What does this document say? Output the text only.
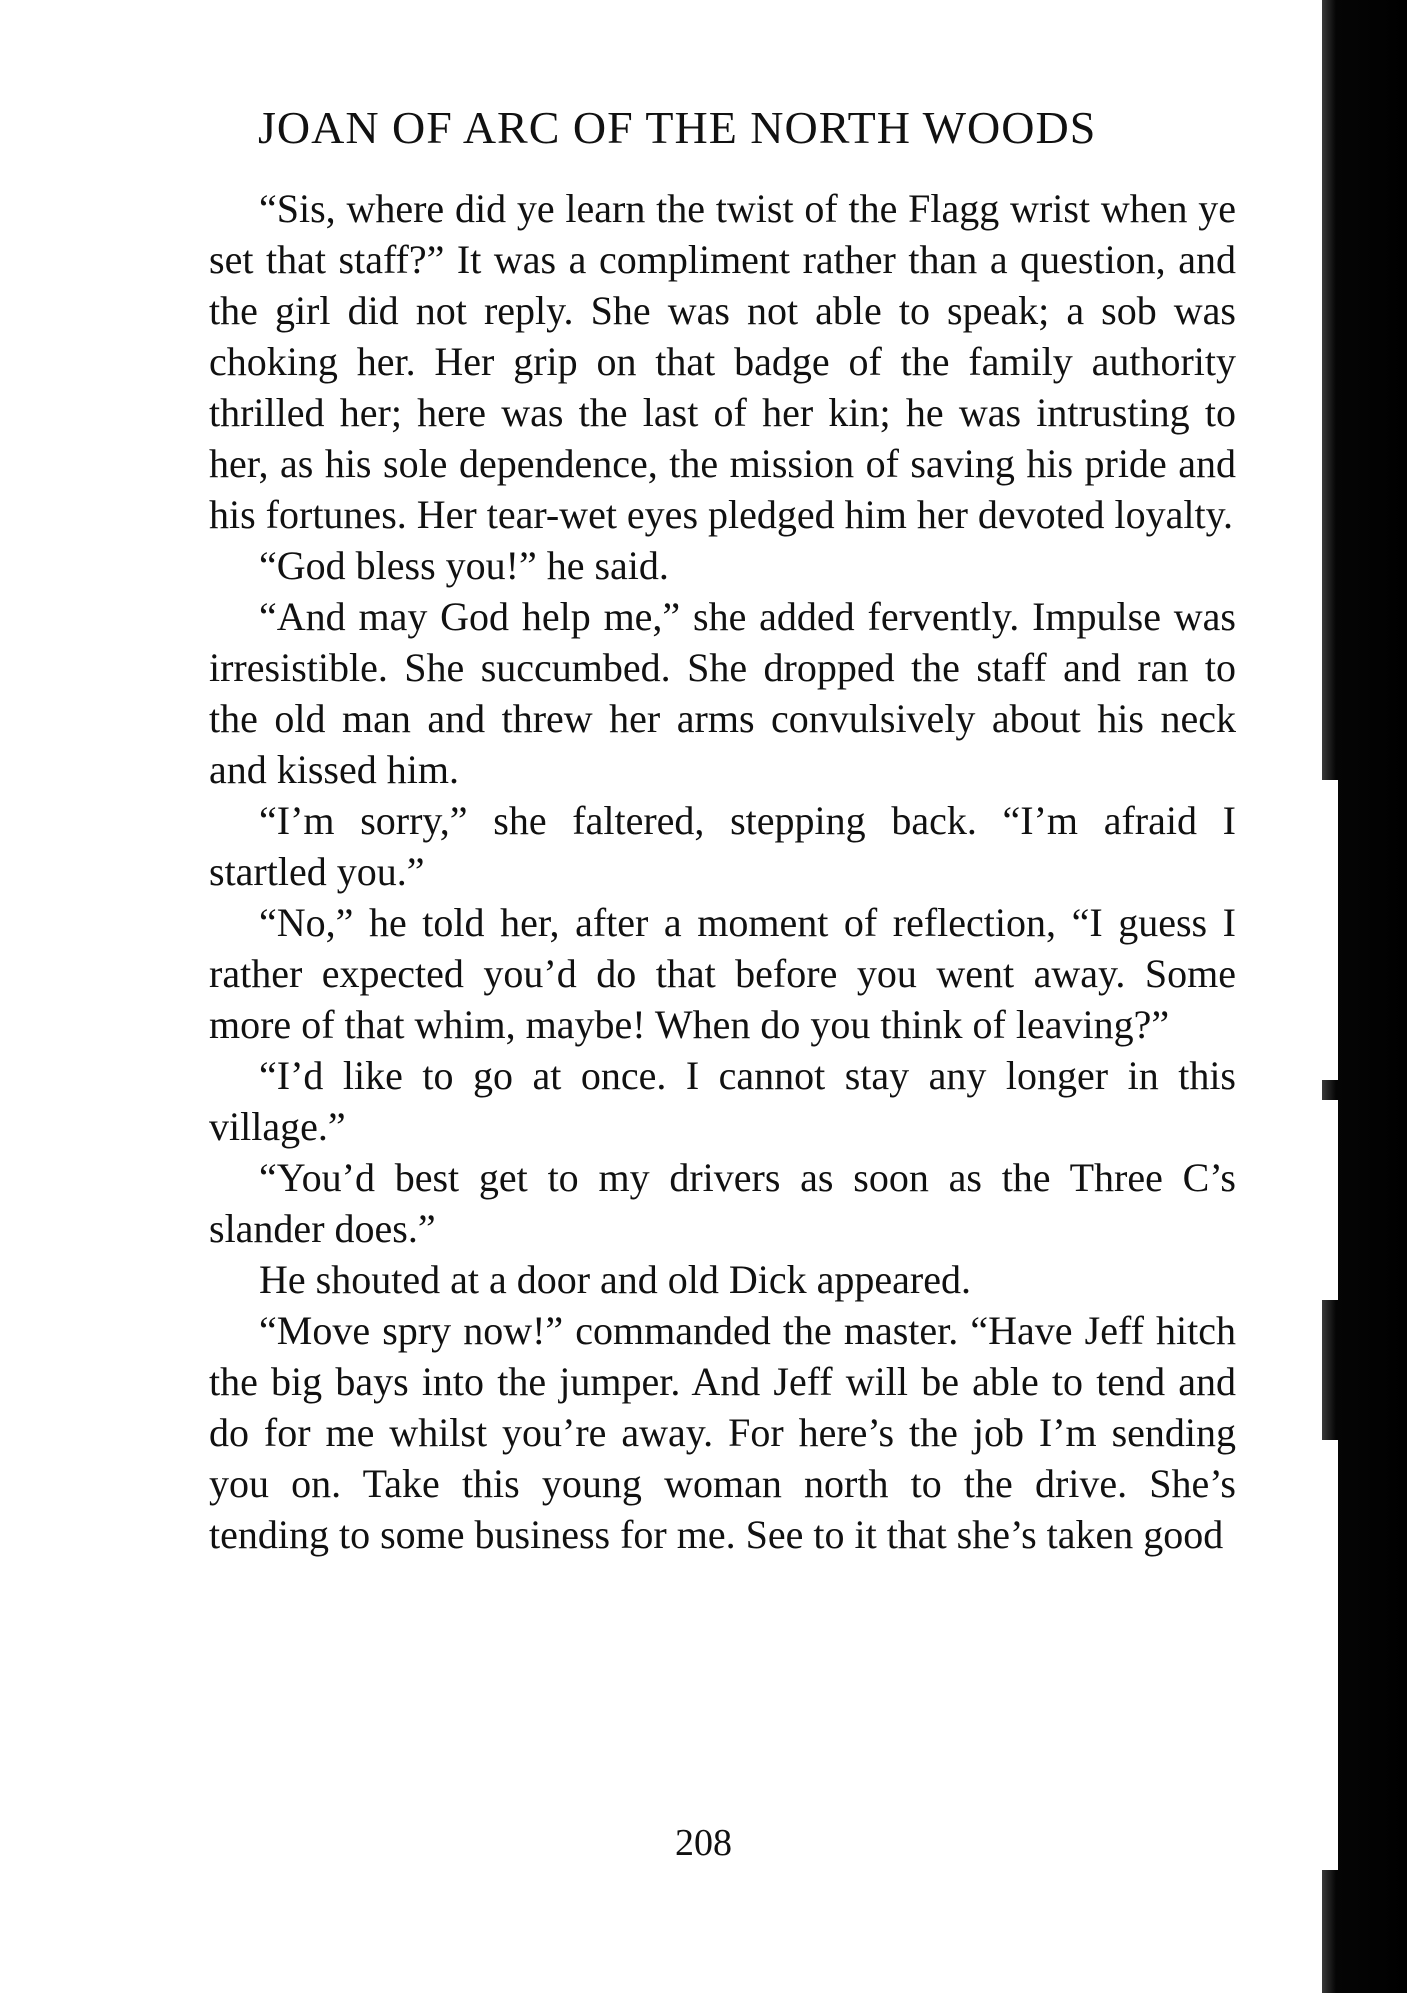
JOAN OF ARC OF THE NORTH WOODS

“Sis, where did ye learn the twist of the Flagg wrist when ye set that staff?” It was a compliment rather than a question, and the girl did not reply. She was not able to speak; a sob was choking her. Her grip on that badge of the family authority thrilled her; here was the last of her kin; he was intrusting to her, as his sole dependence, the mission of saving his pride and his fortunes. Her tear-wet eyes pledged him her devoted loyalty.

“God bless you!” he said.

“And may God help me,” she added fervently. Impulse was irresistible. She succumbed. She dropped the staff and ran to the old man and threw her arms convulsively about his neck and kissed him.

“I’m sorry,” she faltered, stepping back. “I’m afraid I startled you.”

“No,” he told her, after a moment of reflection, “I guess I rather expected you’d do that before you went away. Some more of that whim, maybe! When do you think of leaving?”

“I’d like to go at once. I cannot stay any longer in this village.”

“You’d best get to my drivers as soon as the Three C’s slander does.”

He shouted at a door and old Dick appeared.

“Move spry now!” commanded the master. “Have Jeff hitch the big bays into the jumper. And Jeff will be able to tend and do for me whilst you’re away. For here’s the job I’m sending you on. Take this young woman north to the drive. She’s tending to some business for me. See to it that she’s taken good

208
